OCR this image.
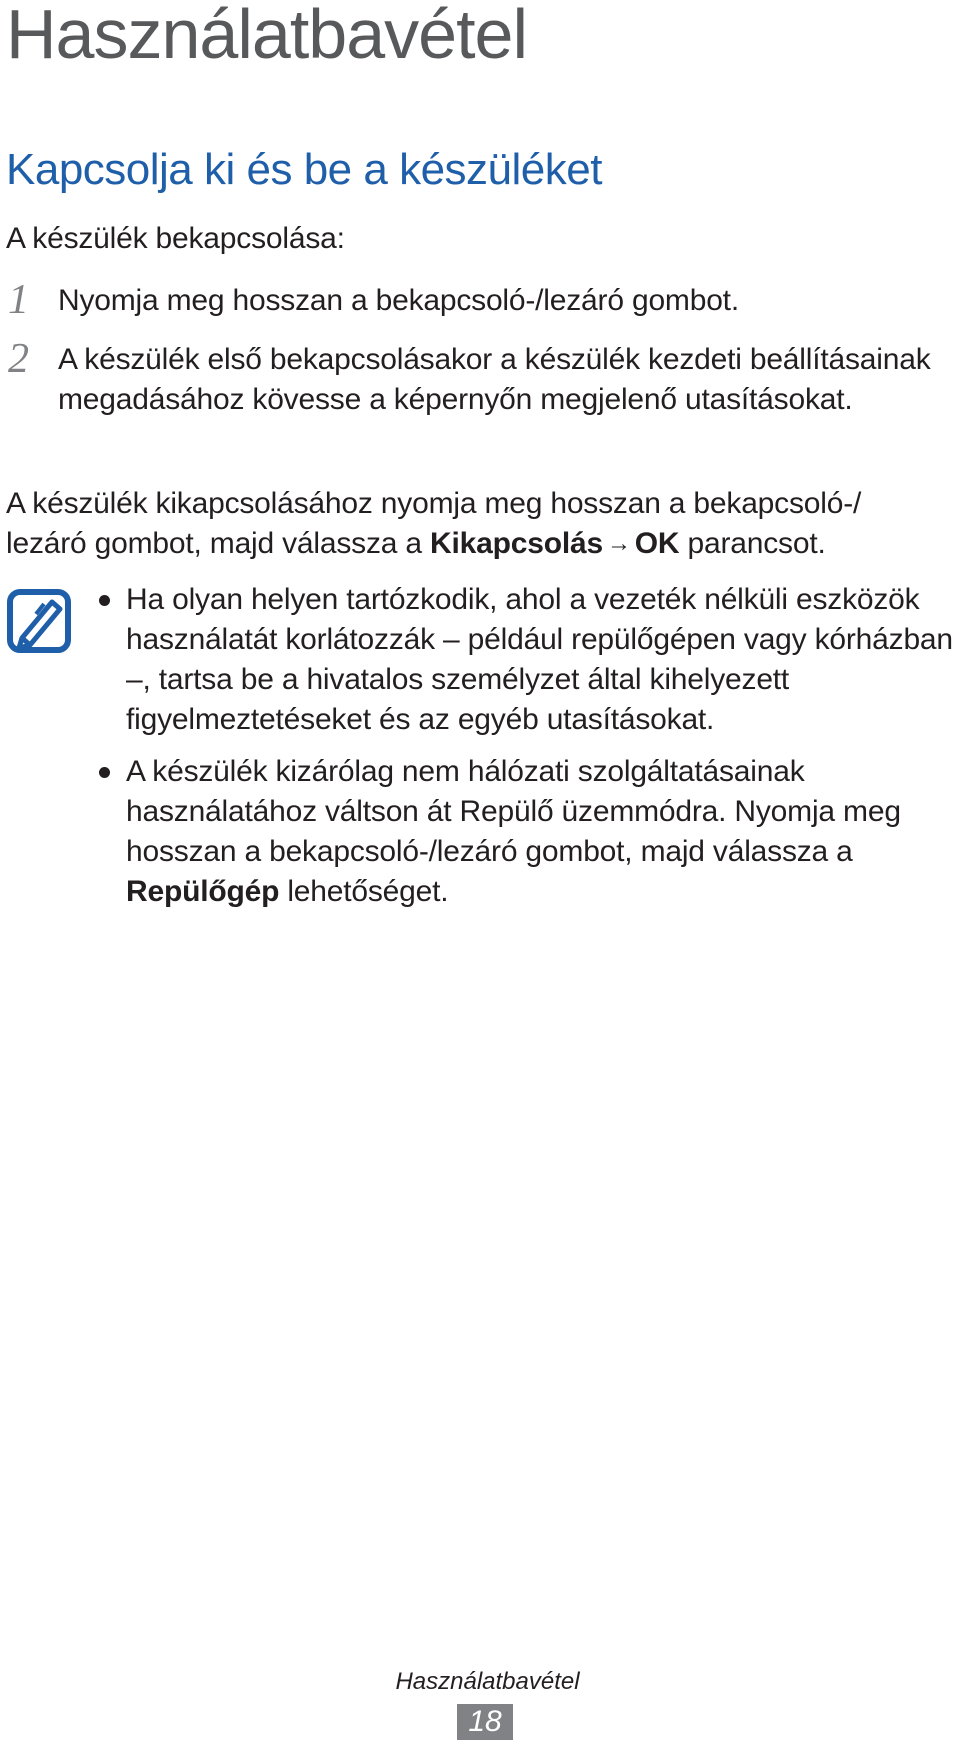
Használatbavétel
Kapcsolja ki és be a készüléket
A készülék bekapcsolása:
1 Nyomja meg hosszan a bekapcsoló-/lezáró gombot.
2 A készülék első bekapcsolásakor a készülék kezdeti beállításainak megadásához kövesse a képernyőn megjelenő utasításokat.
A készülék kikapcsolásához nyomja meg hosszan a bekapcsoló-/ lezáró gombot, majd válassza a Kikapcsolás → OK parancsot.
Ha olyan helyen tartózkodik, ahol a vezeték nélküli eszközök használatát korlátozzák – például repülőgépen vagy kórházban –, tartsa be a hivatalos személyzet által kihelyezett figyelmeztetéseket és az egyéb utasításokat.
A készülék kizárólag nem hálózati szolgáltatásainak használatához váltson át Repülő üzemmódra. Nyomja meg hosszan a bekapcsoló-/lezáró gombot, majd válassza a Repülőgép lehetőséget.
Használatbavétel
18
